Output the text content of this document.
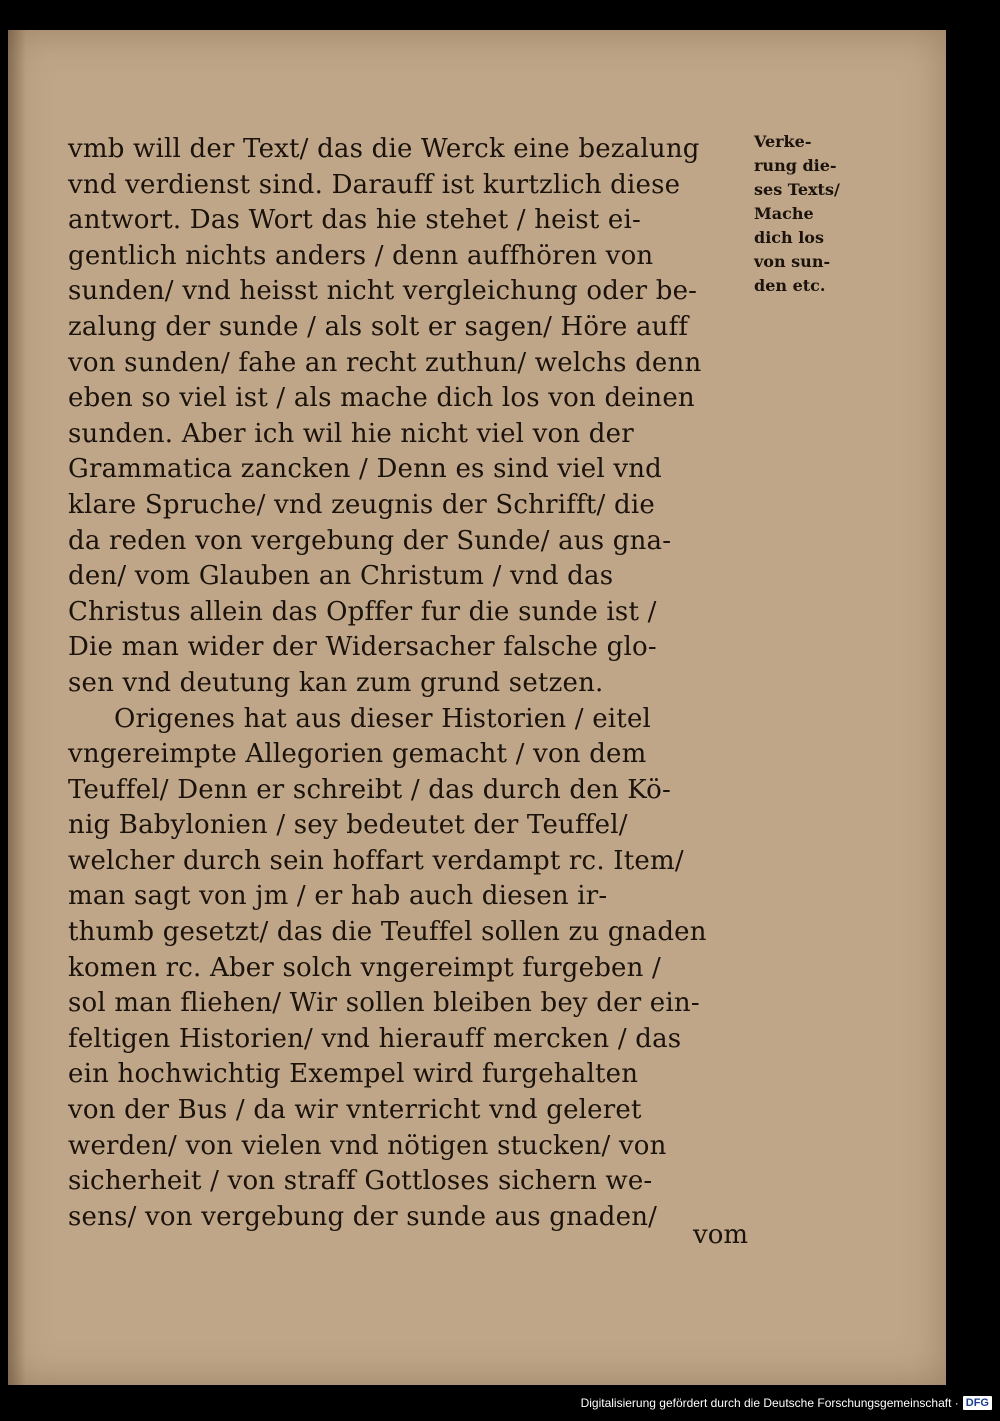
vmb will der Text/ das die Werck eine bezalung
vnd verdienst sind. Darauff ist kurtzlich diese
antwort. Das Wort das hie stehet / heist ei-
gentlich nichts anders / denn auffhören von
sunden/ vnd heisst nicht vergleichung oder be-
zalung der sunde / als solt er sagen/ Höre auff
von sunden/ fahe an recht zuthun/ welchs denn
eben so viel ist / als mache dich los von deinen
sunden. Aber ich wil hie nicht viel von der
Grammatica zancken / Denn es sind viel vnd
klare Spruche/ vnd zeugnis der Schrifft/ die
da reden von vergebung der Sunde/ aus gna-
den/ vom Glauben an Christum / vnd das
Christus allein das Opffer fur die sunde ist /
Die man wider der Widersacher falsche glo-
sen vnd deutung kan zum grund setzen.
Origenes hat aus dieser Historien / eitel
vngereimpte Allegorien gemacht / von dem
Teuffel/ Denn er schreibt / das durch den Kö-
nig Babylonien / sey bedeutet der Teuffel/
welcher durch sein hoffart verdampt rc. Item/
man sagt von jm / er hab auch diesen ir-
thumb gesetzt/ das die Teuffel sollen zu gnaden
komen rc. Aber solch vngereimpt furgeben /
sol man fliehen/ Wir sollen bleiben bey der ein-
feltigen Historien/ vnd hierauff mercken / das
ein hochwichtig Exempel wird furgehalten
von der Bus / da wir vnterricht vnd geleret
werden/ von vielen vnd nötigen stucken/ von
sicherheit / von straff Gottloses sichern we-
sens/ von vergebung der sunde aus gnaden/
Verke-
rung die-
ses Texts/
Mache
dich los
von sun-
den etc.
vom
Digitalisierung gefördert durch die Deutsche Forschungsgemeinschaft · DFG
